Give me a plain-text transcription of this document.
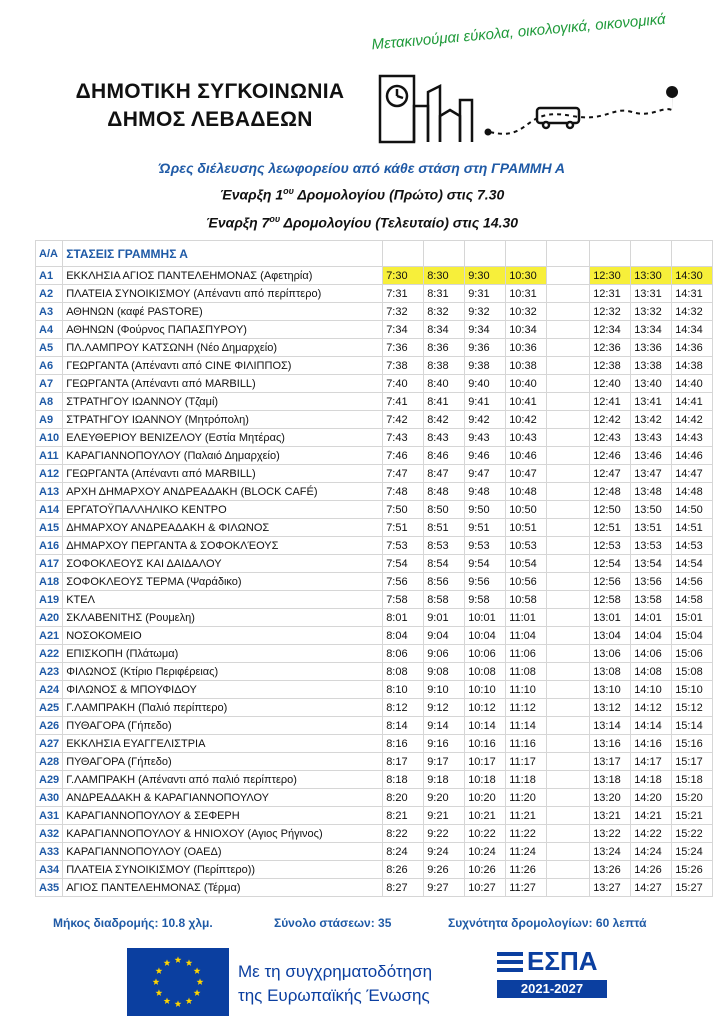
Μετακινούμαι εύκολα, οικολογικά, οικονομικά
ΔΗΜΟΤΙΚΗ ΣΥΓΚΟΙΝΩΝΙΑ
ΔΗΜΟΣ ΛΕΒΑΔΕΩΝ
Ώρες διέλευσης λεωφορείου από κάθε στάση στη ΓΡΑΜΜΗ Α
Έναρξη $1^{o\upsilon}$ Δρομολογίου (Πρώτο) στις 7.30
Έναρξη $7^{o\upsilon}$ Δρομολογίου (Τελευταίο) στις 14.30
Α/Α	ΣΤΑΣΕΙΣ ΓΡΑΜΜΗΣ Α								
Α1	ΕΚΚΛΗΣΙΑ ΑΓΙΟΣ ΠΑΝΤΕΛΕΗΜΟΝΑΣ (Αφετηρία)	7:30	8:30	9:30	10:30		12:30	13:30	14:30
Α2	ΠΛΑΤΕΙΑ ΣΥΝΟΙΚΙΣΜΟΥ (Απέναντι από περίπτερο)	7:31	8:31	9:31	10:31		12:31	13:31	14:31
Α3	ΑΘΗΝΩΝ (καφέ PASTORE)	7:32	8:32	9:32	10:32		12:32	13:32	14:32
Α4	ΑΘΗΝΩΝ (Φούρνος ΠΑΠΑΣΠΥΡΟΥ)	7:34	8:34	9:34	10:34		12:34	13:34	14:34
Α5	ΠΛ.ΛΑΜΠΡΟΥ ΚΑΤΣΩΝΗ (Νέο Δημαρχείο)	7:36	8:36	9:36	10:36		12:36	13:36	14:36
Α6	ΓΕΩΡΓΑΝΤΑ (Απέναντι από CINE ΦΙΛΙΠΠΟΣ)	7:38	8:38	9:38	10:38		12:38	13:38	14:38
Α7	ΓΕΩΡΓΑΝΤΑ (Απέναντι από MARBILL)	7:40	8:40	9:40	10:40		12:40	13:40	14:40
Α8	ΣΤΡΑΤΗΓΟΥ ΙΩΑΝΝΟΥ (Τζαμί)	7:41	8:41	9:41	10:41		12:41	13:41	14:41
Α9	ΣΤΡΑΤΗΓΟΥ ΙΩΑΝΝΟΥ (Μητρόπολη)	7:42	8:42	9:42	10:42		12:42	13:42	14:42
Α10	ΕΛΕΥΘΕΡΙΟΥ ΒΕΝΙΖΕΛΟΥ (Εστία Μητέρας)	7:43	8:43	9:43	10:43		12:43	13:43	14:43
Α11	ΚΑΡΑΓΙΑΝΝΟΠΟΥΛΟΥ (Παλαιό Δημαρχείο)	7:46	8:46	9:46	10:46		12:46	13:46	14:46
Α12	ΓΕΩΡΓΑΝΤΑ (Απέναντι από MARBILL)	7:47	8:47	9:47	10:47		12:47	13:47	14:47
Α13	ΑΡΧΗ ΔΗΜΑΡΧΟΥ ΑΝΔΡΕΑΔΑΚΗ (BLOCK CAFÉ)	7:48	8:48	9:48	10:48		12:48	13:48	14:48
Α14	ΕΡΓΑΤΟΫΠΑΛΛΗΛΙΚΟ ΚΕΝΤΡΟ	7:50	8:50	9:50	10:50		12:50	13:50	14:50
Α15	ΔΗΜΑΡΧΟΥ ΑΝΔΡΕΑΔΑΚΗ & ΦΙΛΩΝΟΣ	7:51	8:51	9:51	10:51		12:51	13:51	14:51
Α16	ΔΗΜΑΡΧΟΥ ΠΕΡΓΑΝΤΑ & ΣΟΦΟΚΛΈΟΥΣ	7:53	8:53	9:53	10:53		12:53	13:53	14:53
Α17	ΣΟΦΟΚΛΕΟΥΣ ΚΑΙ ΔΑΙΔΑΛΟΥ	7:54	8:54	9:54	10:54		12:54	13:54	14:54
Α18	ΣΟΦΟΚΛΕΟΥΣ ΤΕΡΜΑ (Ψαράδικο)	7:56	8:56	9:56	10:56		12:56	13:56	14:56
Α19	ΚΤΕΛ	7:58	8:58	9:58	10:58		12:58	13:58	14:58
Α20	ΣΚΛΑΒΕΝΙΤΗΣ (Ρουμελη)	8:01	9:01	10:01	11:01		13:01	14:01	15:01
Α21	ΝΟΣΟΚΟΜΕΙΟ	8:04	9:04	10:04	11:04		13:04	14:04	15:04
Α22	ΕΠΙΣΚΟΠΗ (Πλάτωμα)	8:06	9:06	10:06	11:06		13:06	14:06	15:06
Α23	ΦΙΛΩΝΟΣ (Κτίριο Περιφέρειας)	8:08	9:08	10:08	11:08		13:08	14:08	15:08
Α24	ΦΙΛΩΝΟΣ & ΜΠΟΥΦΙΔΟΥ	8:10	9:10	10:10	11:10		13:10	14:10	15:10
Α25	Γ.ΛΑΜΠΡΑΚΗ (Παλιό περίπτερο)	8:12	9:12	10:12	11:12		13:12	14:12	15:12
Α26	ΠΥΘΑΓΟΡΑ (Γήπεδο)	8:14	9:14	10:14	11:14		13:14	14:14	15:14
Α27	ΕΚΚΛΗΣΙΑ ΕΥΑΓΓΕΛΙΣΤΡΙΑ	8:16	9:16	10:16	11:16		13:16	14:16	15:16
Α28	ΠΥΘΑΓΟΡΑ (Γήπεδο)	8:17	9:17	10:17	11:17		13:17	14:17	15:17
Α29	Γ.ΛΑΜΠΡΑΚΗ (Απέναντι από παλιό περίπτερο)	8:18	9:18	10:18	11:18		13:18	14:18	15:18
Α30	ΑΝΔΡΕΑΔΑΚΗ & ΚΑΡΑΓΙΑΝΝΟΠΟΥΛΟΥ	8:20	9:20	10:20	11:20		13:20	14:20	15:20
Α31	ΚΑΡΑΓΙΑΝΝΟΠΟΥΛΟΥ & ΣΕΦΕΡΗ	8:21	9:21	10:21	11:21		13:21	14:21	15:21
Α32	ΚΑΡΑΓΙΑΝΝΟΠΟΥΛΟΥ & ΗΝΙΟΧΟΥ (Αγιος Ρήγινος)	8:22	9:22	10:22	11:22		13:22	14:22	15:22
Α33	ΚΑΡΑΓΙΑΝΝΟΠΟΥΛΟΥ (ΟΑΕΔ)	8:24	9:24	10:24	11:24		13:24	14:24	15:24
Α34	ΠΛΑΤΕΙΑ ΣΥΝΟΙΚΙΣΜΟΥ (Περίπτερο))	8:26	9:26	10:26	11:26		13:26	14:26	15:26
Α35	ΑΓΙΟΣ ΠΑΝΤΕΛΕΗΜΟΝΑΣ (Τέρμα)	8:27	9:27	10:27	11:27		13:27	14:27	15:27
Μήκος διαδρομής: 10.8 χλμ.	Σύνολο στάσεων: 35	Συχνότητα δρομολογίων: 60 λεπτά
Με τη συγχρηματοδότηση
της Ευρωπαϊκής Ένωσης
ΕΣΠΑ
2021-2027
